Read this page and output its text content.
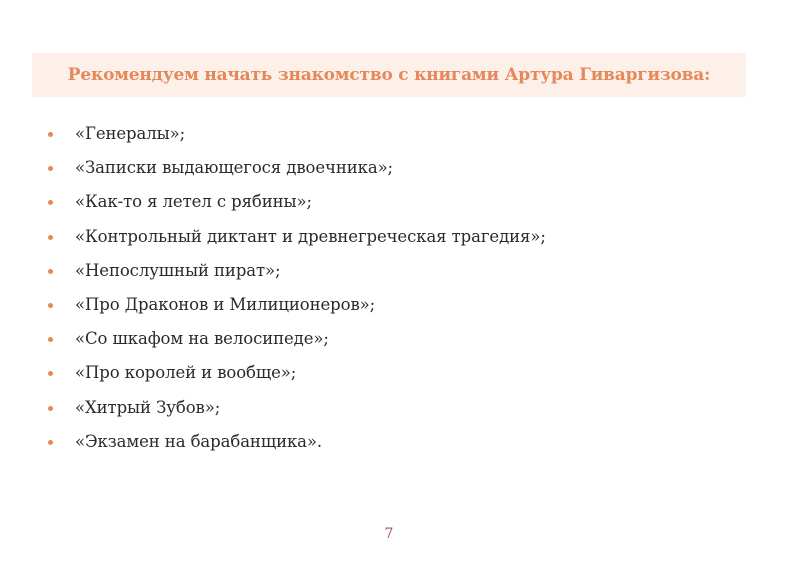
Рекомендуем начать знакомство с книгами Артура Гиваргизова:
«Генералы»;
«Записки выдающегося двоечника»;
«Как-то я летел с рябины»;
«Контрольный диктант и древнегреческая трагедия»;
«Непослушный пират»;
«Про Драконов и Милиционеров»;
«Со шкафом на велосипеде»;
«Про королей и вообще»;
«Хитрый Зубов»;
«Экзамен на барабанщика».
7
